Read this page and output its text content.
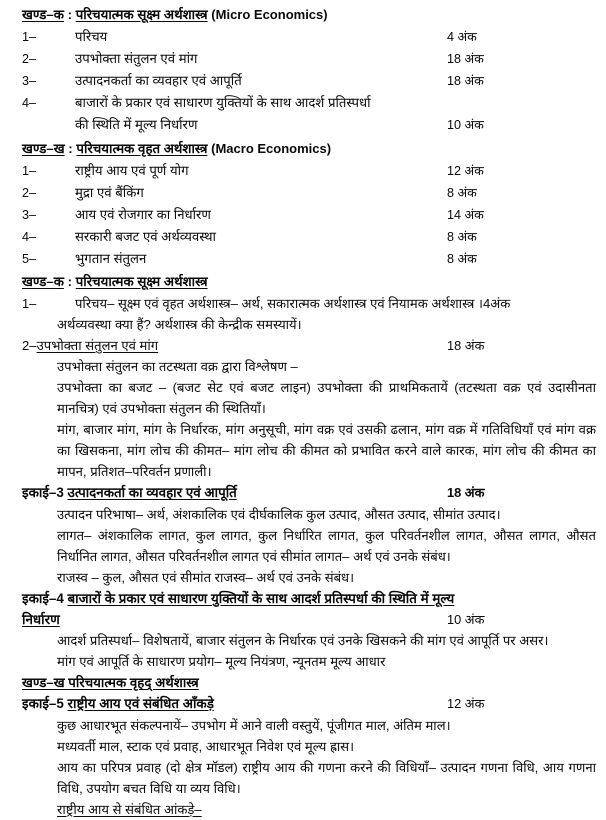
खण्ड–क : परिचयात्मक सूक्ष्म अर्थशास्त्र (Micro Economics)
1–	परिचय	4 अंक
2–	उपभोक्ता संतुलन एवं मांग	18 अंक
3–	उत्पादनकर्ता का व्यवहार एवं आपूर्ति	18 अंक
4–	बाजारों के प्रकार एवं साधारण युक्तियों के साथ आदर्श प्रतिस्पर्धा
की स्थिति में मूल्य निर्धारण	10 अंक
खण्ड–ख : परिचयात्मक वृहत अर्थशास्त्र (Macro Economics)
1–	राष्ट्रीय आय एवं पूर्ण योग	12 अंक
2–	मुद्रा एवं बैंकिंग	8 अंक
3–	आय एवं रोजगार का निर्धारण	14 अंक
4–	सरकारी बजट एवं अर्थव्यवस्था	8 अंक
5–	भुगतान संतुलन	8 अंक
खण्ड–क : परिचयात्मक सूक्ष्म अर्थशास्त्र
1–	परिचय– सूक्ष्म एवं वृहत अर्थशास्त्र– अर्थ, सकारात्मक अर्थशास्त्र एवं नियामक अर्थशास्त्र ।4अंक
अर्थव्यवस्था क्या हैं? अर्थशास्त्र की केन्द्रीक समस्यायें।
2–उपभोक्ता संतुलन एवं मांग	18 अंक
उपभोक्ता संतुलन का तटस्थता वक्र द्वारा विश्लेषण –
उपभोक्ता का बजट – (बजट सेट एवं बजट लाइन) उपभोक्ता की प्राथमिकतायें (तटस्थता वक्र एवं उदासीनता मानचित्र) एवं उपभोक्ता संतुलन की स्थितियाँ।
मांग, बाजार मांग, मांग के निर्धारक, मांग अनुसूची, मांग वक्र एवं उसकी ढलान, मांग वक्र में गतिविधियाँ एवं मांग वक्र का खिसकना, मांग लोच की कीमत– मांग लोच की कीमत को प्रभावित करने वाले कारक, मांग लोच की कीमत का मापन, प्रतिशत–परिवर्तन प्रणाली।
इकाई–3 उत्पादनकर्ता का व्यवहार एवं आपूर्ति	18 अंक
उत्पादन परिभाषा– अर्थ, अंशकालिक एवं दीर्घकालिक कुल उत्पाद, औसत उत्पाद, सीमांत उत्पाद।
लागत– अंशकालिक लागत, कुल लागत, कुल निर्धारित लागत, कुल परिवर्तनशील लागत, औसत लागत, औसत निर्धानित लागत, औसत परिवर्तनशील लागत एवं सीमांत लागत– अर्थ एवं उनके संबंध।
राजस्व – कुल, औसत एवं सीमांत राजस्व– अर्थ एवं उनके संबंध।
इकाई–4 बाजारों के प्रकार एवं साधारण युक्तियों के साथ आदर्श प्रतिस्पर्धा की स्थिति में मूल्य
निर्धारण	10 अंक
आदर्श प्रतिस्पर्धा– विशेषतायें, बाजार संतुलन के निर्धारक एवं उनके खिसकने की मांग एवं आपूर्ति पर असर।
मांग एवं आपूर्ति के साधारण प्रयोग– मूल्य नियंत्रण, न्यूनतम मूल्य आधार
खण्ड–ख परिचयात्मक वृहद् अर्थशास्त्र
इकाई–5 राष्ट्रीय आय एवं संबंधित ऑंकड़े	12 अंक
कुछ आधारभूत संकल्पनायें– उपभोग में आने वाली वस्तुयें, पूंजीगत माल, अंतिम माल।
मध्यवर्ती माल, स्टाक एवं प्रवाह, आधारभूत निवेश एवं मूल्य ह्रास।
आय का परिपत्र प्रवाह (दो क्षेत्र मॉडल) राष्ट्रीय आय की गणना करने की विधियाँ– उत्पादन गणना विधि, आय गणना विधि, उपयोग बचत विधि या व्यय विधि।
राष्ट्रीय आय से संबंधित आंकड़े–
